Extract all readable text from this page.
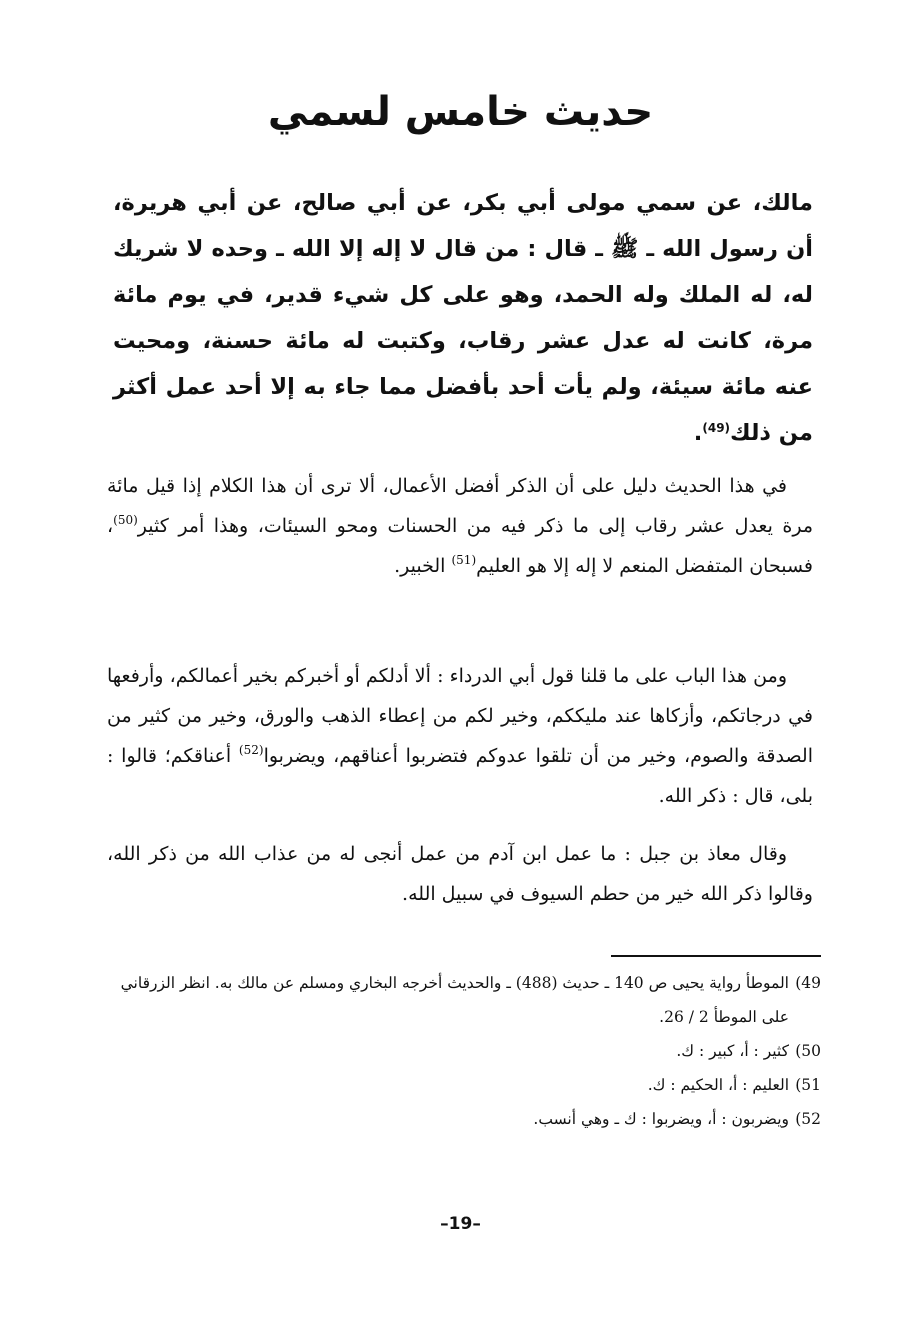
حديث خامس لسمي
مالك، عن سمي مولى أبي بكر، عن أبي صالح، عن أبي هريرة، أن رسول الله ـ ﷺ ـ قال : من قال لا إله إلا الله ـ وحده لا شريك له، له الملك وله الحمد، وهو على كل شيء قدير، في يوم مائة مرة، كانت له عدل عشر رقاب، وكتبت له مائة حسنة، ومحيت عنه مائة سيئة، ولم يأت أحد بأفضل مما جاء به إلا أحد عمل أكثر من ذلك$^{(49)}$.
في هذا الحديث دليل على أن الذكر أفضل الأعمال، ألا ترى أن هذا الكلام إذا قيل مائة مرة يعدل عشر رقاب إلى ما ذكر فيه من الحسنات ومحو السيئات، وهذا أمر كثير$^{(50)}$، فسبحان المتفضل المنعم لا إله إلا هو العليم$^{(51)}$ الخبير.
ومن هذا الباب على ما قلنا قول أبي الدرداء : ألا أدلكم أو أخبركم بخير أعمالكم، وأرفعها في درجاتكم، وأزكاها عند مليككم، وخير لكم من إعطاء الذهب والورق، وخير من كثير من الصدقة والصوم، وخير من أن تلقوا عدوكم فتضربوا أعناقهم، ويضربوا$^{(52)}$ أعناقكم؛ قالوا : بلى، قال : ذكر الله.
وقال معاذ بن جبل : ما عمل ابن آدم من عمل أنجى له من عذاب الله من ذكر الله، وقالوا ذكر الله خير من حطم السيوف في سبيل الله.
49)
الموطأ رواية يحيى ص 140 ـ حديث (488) ـ والحديث أخرجه البخاري ومسلم عن مالك به. انظر الزرقاني على الموطأ 2 / 26.
50)
كثير : أ، كبير : ك.
51)
العليم : أ، الحكيم : ك.
52)
ويضربون : أ، ويضربوا : ك ـ وهي أنسب.
–19–
